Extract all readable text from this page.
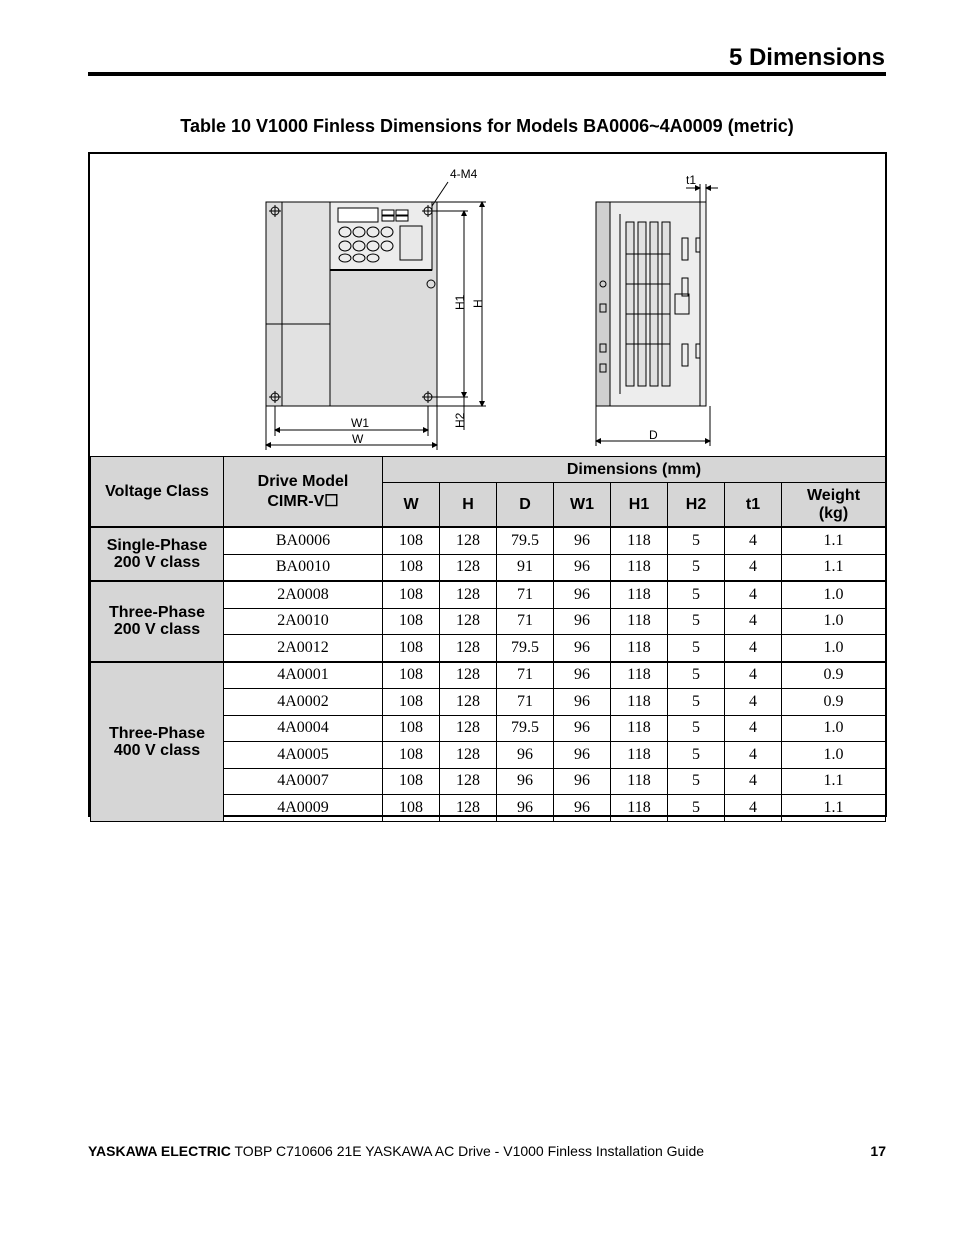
5 Dimensions
Table 10 V1000 Finless Dimensions for Models BA0006~4A0009 (metric)
4-M4	t1
H1 H
H2
W1
W	D
Voltage Class	Drive Model
CIMR-V☐	Dimensions (mm)							
		W	H	D	W1	H1	H2	t1	Weight
(kg)
Single-Phase
200 V class	BA0006	108	128	79.5	96	118	5	4	1.1
	BA0010	108	128	91	96	118	5	4	1.1
Three-Phase
200 V class	2A0008	108	128	71	96	118	5	4	1.0
	2A0010	108	128	71	96	118	5	4	1.0
	2A0012	108	128	79.5	96	118	5	4	1.0
Three-Phase
400 V class	4A0001	108	128	71	96	118	5	4	0.9
	4A0002	108	128	71	96	118	5	4	0.9
	4A0004	108	128	79.5	96	118	5	4	1.0
	4A0005	108	128	96	96	118	5	4	1.0
	4A0007	108	128	96	96	118	5	4	1.1
	4A0009	108	128	96	96	118	5	4	1.1
YASKAWA ELECTRIC TOBP C710606 21E YASKAWA AC Drive - V1000 Finless Installation Guide	17
